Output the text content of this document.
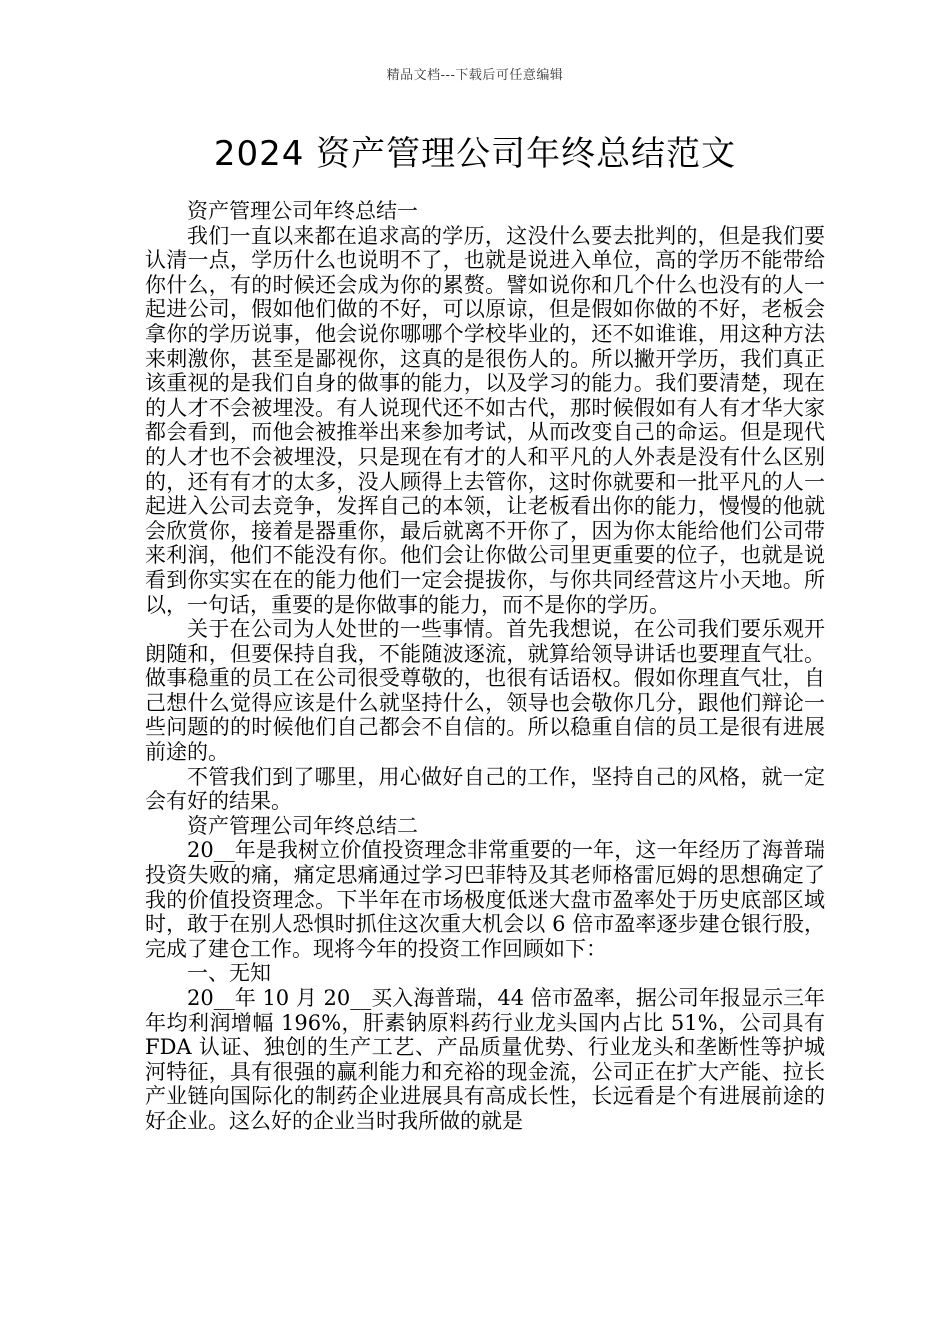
精品文档---下载后可任意编辑
2024 资产管理公司年终总结范文

资产管理公司年终总结一

我们一直以来都在追求高的学历，这没什么要去批判的，但是我们要认清一点，学历什么也说明不了，也就是说进入单位，高的学历不能带给你什么，有的时候还会成为你的累赘。譬如说你和几个什么也没有的人一起进公司，假如他们做的不好，可以原谅，但是假如你做的不好，老板会拿你的学历说事，他会说你哪哪个学校毕业的，还不如谁谁，用这种方法来刺激你，甚至是鄙视你，这真的是很伤人的。所以撇开学历，我们真正该重视的是我们自身的做事的能力，以及学习的能力。我们要清楚，现在的人才不会被埋没。有人说现代还不如古代，那时候假如有人有才华大家都会看到，而他会被推举出来参加考试，从而改变自己的命运。但是现代的人才也不会被埋没，只是现在有才的人和平凡的人外表是没有什么区别的，还有有才的太多，没人顾得上去管你，这时你就要和一批平凡的人一起进入公司去竞争，发挥自己的本领，让老板看出你的能力，慢慢的他就会欣赏你，接着是器重你，最后就离不开你了，因为你太能给他们公司带来利润，他们不能没有你。他们会让你做公司里更重要的位子，也就是说看到你实实在在的能力他们一定会提拔你，与你共同经营这片小天地。所以，一句话，重要的是你做事的能力，而不是你的学历。

关于在公司为人处世的一些事情。首先我想说，在公司我们要乐观开朗随和，但要保持自我，不能随波逐流，就算给领导讲话也要理直气壮。做事稳重的员工在公司很受尊敬的，也很有话语权。假如你理直气壮，自己想什么觉得应该是什么就坚持什么，领导也会敬你几分，跟他们辩论一些问题的的时候他们自己都会不自信的。所以稳重自信的员工是很有进展前途的。

不管我们到了哪里，用心做好自己的工作，坚持自己的风格，就一定会有好的结果。

资产管理公司年终总结二

20__年是我树立价值投资理念非常重要的一年，这一年经历了海普瑞投资失败的痛，痛定思痛通过学习巴菲特及其老师格雷厄姆的思想确定了我的价值投资理念。下半年在市场极度低迷大盘市盈率处于历史底部区域时，敢于在别人恐惧时抓住这次重大机会以 6 倍市盈率逐步建仓银行股，完成了建仓工作。现将今年的投资工作回顾如下：

一、无知

20__年 10 月 20__买入海普瑞，44 倍市盈率，据公司年报显示三年年均利润增幅 196%，肝素钠原料药行业龙头国内占比 51%，公司具有 FDA 认证、独创的生产工艺、产品质量优势、行业龙头和垄断性等护城河特征，具有很强的赢利能力和充裕的现金流，公司正在扩大产能、拉长产业链向国际化的制药企业进展具有高成长性，长远看是个有进展前途的好企业。这么好的企业当时我所做的就是
